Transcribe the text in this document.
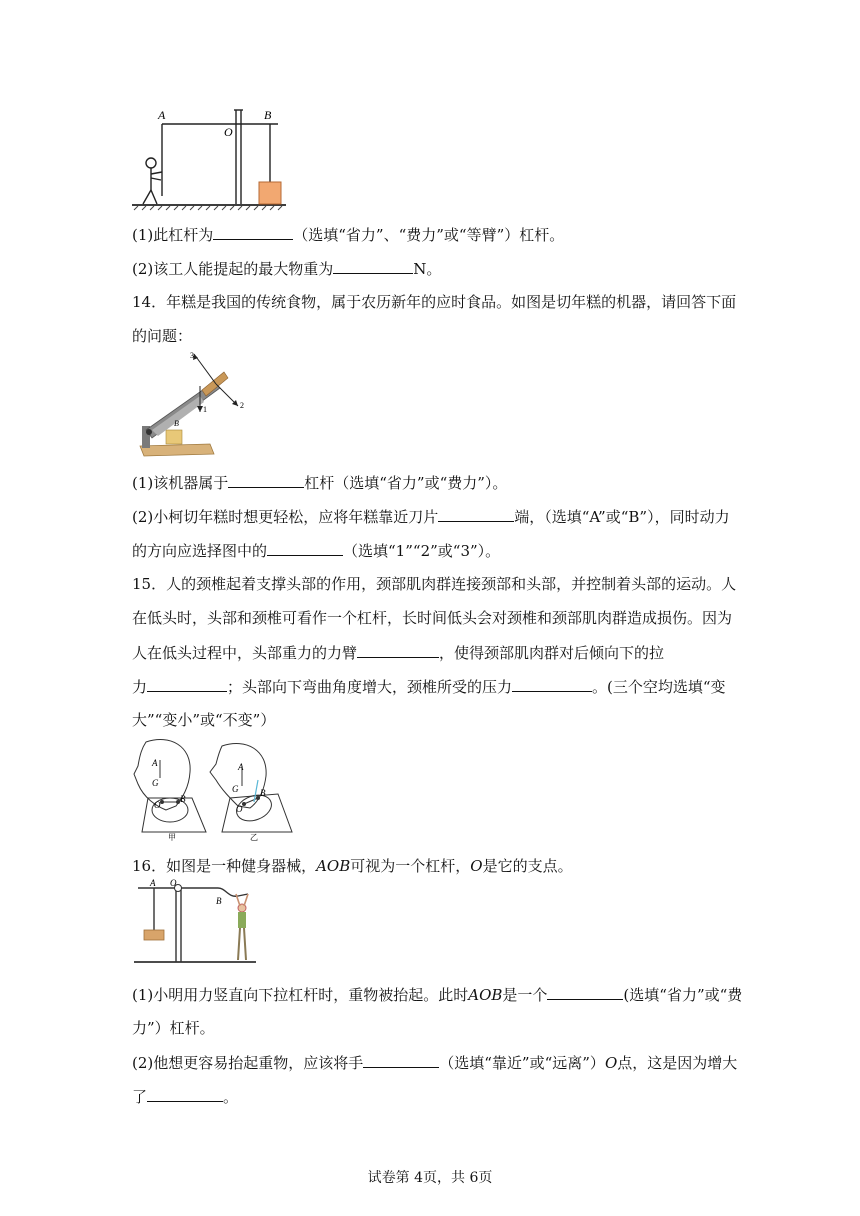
A
O
B
(1)此杠杆为	（选填“省力”、“费力”或“等臂”）杠杆。
(2)该工人能提起的最大物重为	N。
14．年糕是我国的传统食物，属于农历新年的应时食品。如图是切年糕的机器，请回答下面
的问题：
3
2
1
B
(1)该机器属于	杠杆（选填“省力”或“费力”）。
(2)小柯切年糕时想更轻松，应将年糕靠近刀片	端，（选填“A”或“B”），同时动力
的方向应选择图中的	（选填“1”“2”或“3”）。
15．人的颈椎起着支撑头部的作用，颈部肌肉群连接颈部和头部，并控制着头部的运动。人
在低头时，头部和颈椎可看作一个杠杆，长时间低头会对颈椎和颈部肌肉群造成损伤。因为
人在低头过程中，头部重力的力臂	，使得颈部肌肉群对后倾向下的拉
力	；头部向下弯曲角度增大，颈椎所受的压力	。(三个空均选填“变
大”“变小”或“不变”）
A
G
O
B
A
G
O
B
甲	乙
16．如图是一种健身器械，AOB可视为一个杠杆，O是它的支点。
A O
B
(1)小明用力竖直向下拉杠杆时，重物被抬起。此时AOB是一个	(选填“省力”或“费
力”）杠杆。
(2)他想更容易抬起重物，应该将手	（选填“靠近”或“远离”）O点，这是因为增大
了	。
试卷第 4页，共 6页
